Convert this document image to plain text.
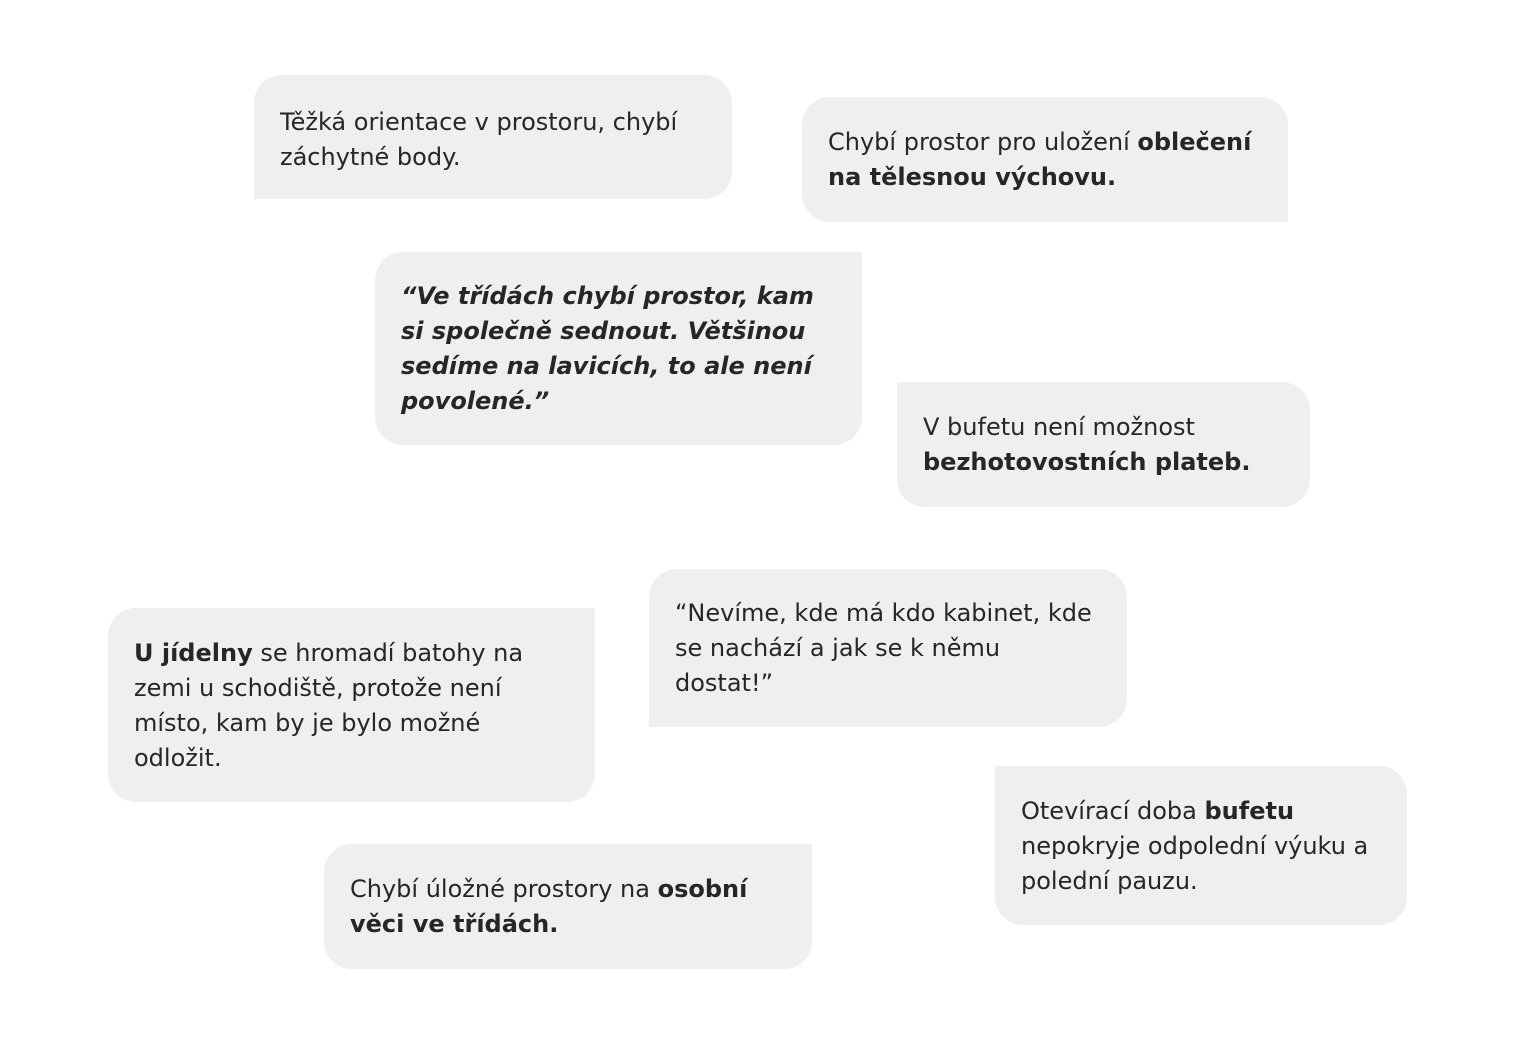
Těžká orientace v prostoru, chybí záchytné body.
Chybí prostor pro uložení oblečení na tělesnou výchovu.
“Ve třídách chybí prostor, kam si společně sednout. Většinou sedíme na lavicích, to ale není povolené.”
V bufetu není možnost bezhotovostních plateb.
U jídelny se hromadí batohy na zemi u schodiště, protože není místo, kam by je bylo možné odložit.
“Nevíme, kde má kdo kabinet, kde se nachází a jak se k němu dostat!”
Otevírací doba bufetu nepokryje odpolední výuku a polední pauzu.
Chybí úložné prostory na osobní věci ve třídách.
